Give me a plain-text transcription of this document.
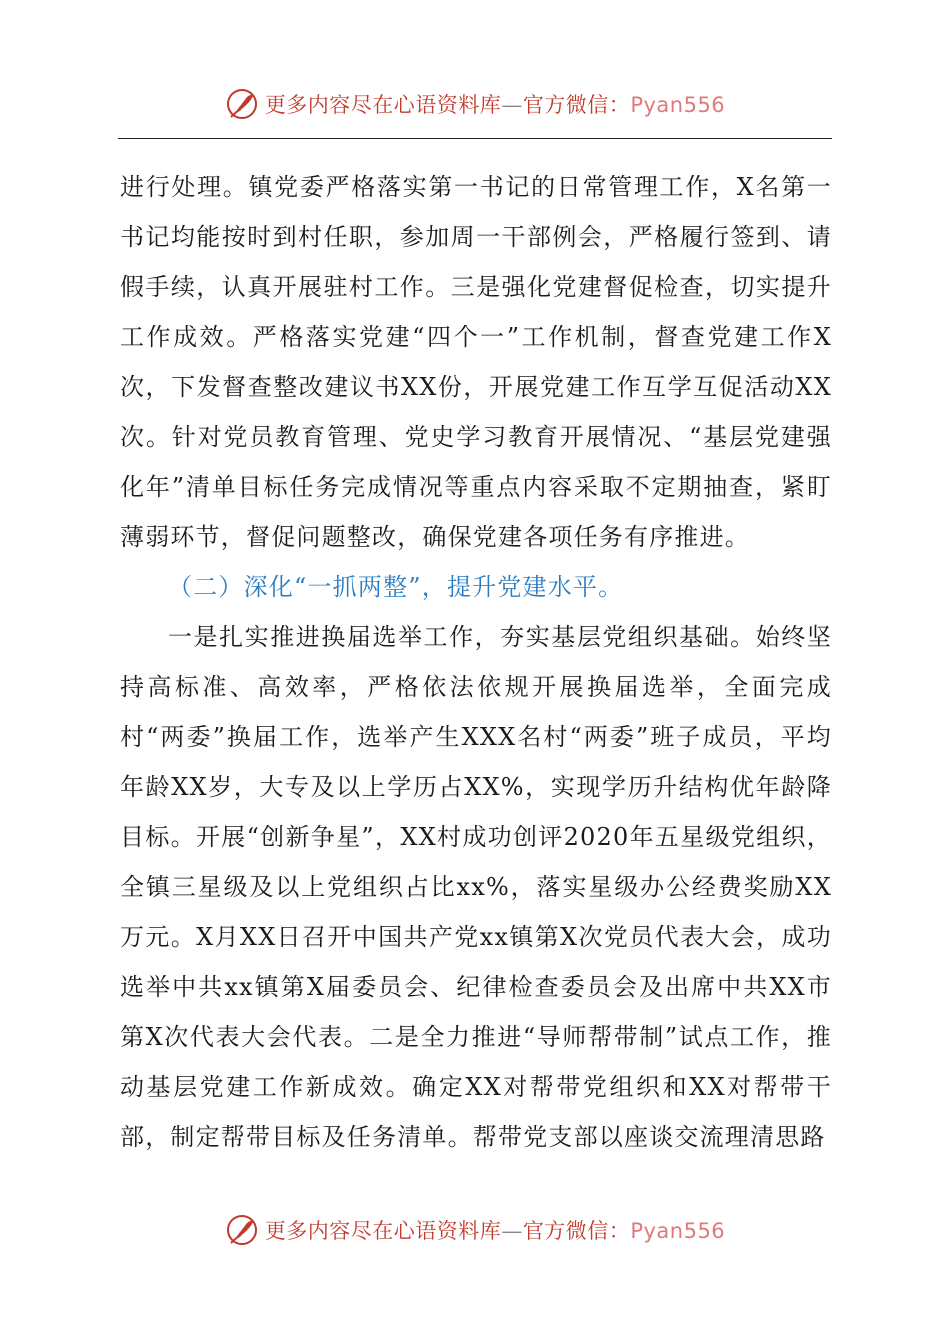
更多内容尽在心语资料库—官方微信：Pyan556

进行处理。镇党委严格落实第一书记的日常管理工作，X名第一书记均能按时到村任职，参加周一干部例会，严格履行签到、请假手续，认真开展驻村工作。三是强化党建督促检查，切实提升工作成效。严格落实党建“四个一”工作机制，督查党建工作X次，下发督查整改建议书XX份，开展党建工作互学互促活动XX次。针对党员教育管理、党史学习教育开展情况、“基层党建强化年”清单目标任务完成情况等重点内容采取不定期抽查，紧盯薄弱环节，督促问题整改，确保党建各项任务有序推进。

（二）深化“一抓两整”，提升党建水平。

一是扎实推进换届选举工作，夯实基层党组织基础。始终坚持高标准、高效率，严格依法依规开展换届选举，全面完成村“两委”换届工作，选举产生XXX名村“两委”班子成员，平均年龄XX岁，大专及以上学历占XX%，实现学历升结构优年龄降目标。开展“创新争星”，XX村成功创评2020年五星级党组织，全镇三星级及以上党组织占比xx%，落实星级办公经费奖励XX万元。X月XX日召开中国共产党xx镇第X次党员代表大会，成功选举中共xx镇第X届委员会、纪律检查委员会及出席中共XX市第X次代表大会代表。二是全力推进“导师帮带制”试点工作，推动基层党建工作新成效。确定XX对帮带党组织和XX对帮带干部，制定帮带目标及任务清单。帮带党支部以座谈交流理清思路

更多内容尽在心语资料库—官方微信：Pyan556
